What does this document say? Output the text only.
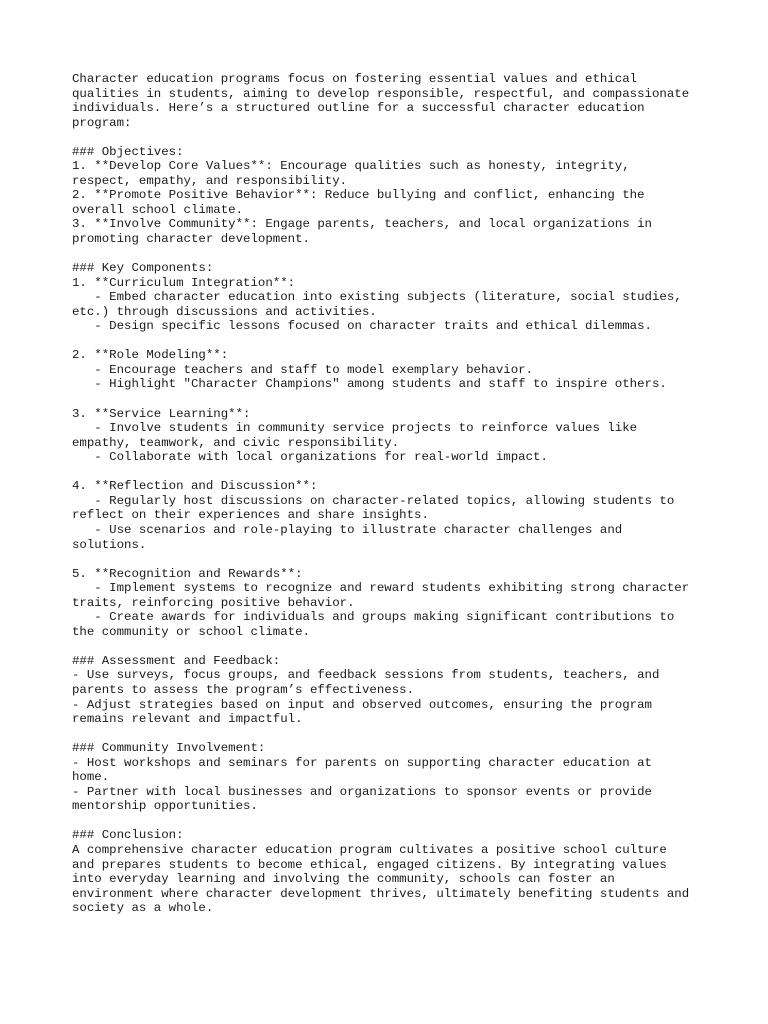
Character education programs focus on fostering essential values and ethical
qualities in students, aiming to develop responsible, respectful, and compassionate
individuals. Here’s a structured outline for a successful character education
program:
### Objectives:
1. **Develop Core Values**: Encourage qualities such as honesty, integrity,
respect, empathy, and responsibility.
2. **Promote Positive Behavior**: Reduce bullying and conflict, enhancing the
overall school climate.
3. **Involve Community**: Engage parents, teachers, and local organizations in
promoting character development.
### Key Components:
1. **Curriculum Integration**:
- Embed character education into existing subjects (literature, social studies,
etc.) through discussions and activities.
- Design specific lessons focused on character traits and ethical dilemmas.
2. **Role Modeling**:
- Encourage teachers and staff to model exemplary behavior.
- Highlight "Character Champions" among students and staff to inspire others.
3. **Service Learning**:
- Involve students in community service projects to reinforce values like
empathy, teamwork, and civic responsibility.
- Collaborate with local organizations for real-world impact.
4. **Reflection and Discussion**:
- Regularly host discussions on character-related topics, allowing students to
reflect on their experiences and share insights.
- Use scenarios and role-playing to illustrate character challenges and
solutions.
5. **Recognition and Rewards**:
- Implement systems to recognize and reward students exhibiting strong character
traits, reinforcing positive behavior.
- Create awards for individuals and groups making significant contributions to
the community or school climate.
### Assessment and Feedback:
- Use surveys, focus groups, and feedback sessions from students, teachers, and
parents to assess the program’s effectiveness.
- Adjust strategies based on input and observed outcomes, ensuring the program
remains relevant and impactful.
### Community Involvement:
- Host workshops and seminars for parents on supporting character education at
home.
- Partner with local businesses and organizations to sponsor events or provide
mentorship opportunities.
### Conclusion:
A comprehensive character education program cultivates a positive school culture
and prepares students to become ethical, engaged citizens. By integrating values
into everyday learning and involving the community, schools can foster an
environment where character development thrives, ultimately benefiting students and
society as a whole.
